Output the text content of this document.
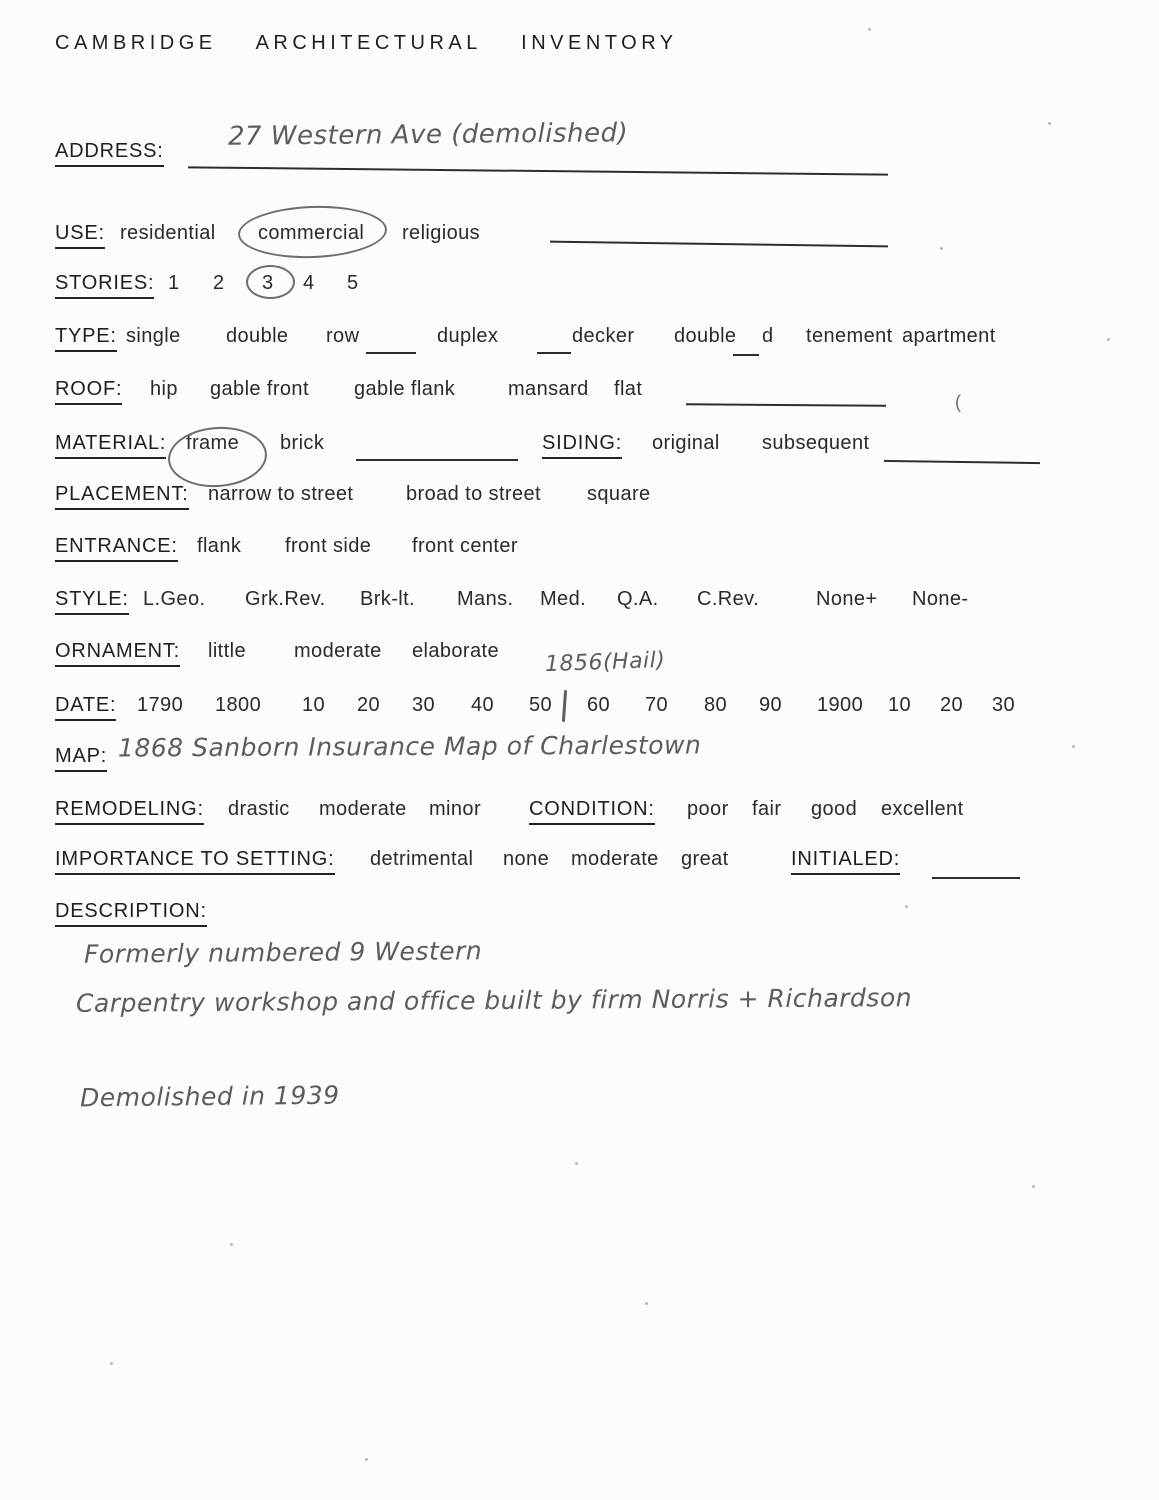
CAMBRIDGE ARCHITECTURAL INVENTORY
ADDRESS: 27 Western Ave (demolished)
USE: residential commercial religious
STORIES: 1 2 3 4 5
TYPE: single double row	duplex	decker double d tenement apartment
ROOF: hip gable front gable flank	mansard flat
(
MATERIAL: frame brick	SIDING: original subsequent
PLACEMENT: narrow to street	broad to street square
ENTRANCE: flank front side front center
STYLE: L.Geo. Grk.Rev. Brk-lt. Mans. Med. Q.A. C.Rev.	None+ None-
ORNAMENT: little moderate elaborate 1856(Hail)
DATE: 1790 1800 10 20 30 40 50 60 70 80 90 1900 10 20 30
MAP: 1868 Sanborn Insurance Map of Charlestown
REMODELING: drastic moderate minor CONDITION: poor fair good excellent
IMPORTANCE TO SETTING: detrimental none moderate great	INITIALED:
DESCRIPTION:
Formerly numbered 9 Western
Carpentry workshop and office built by firm Norris + Richardson
Demolished in 1939
